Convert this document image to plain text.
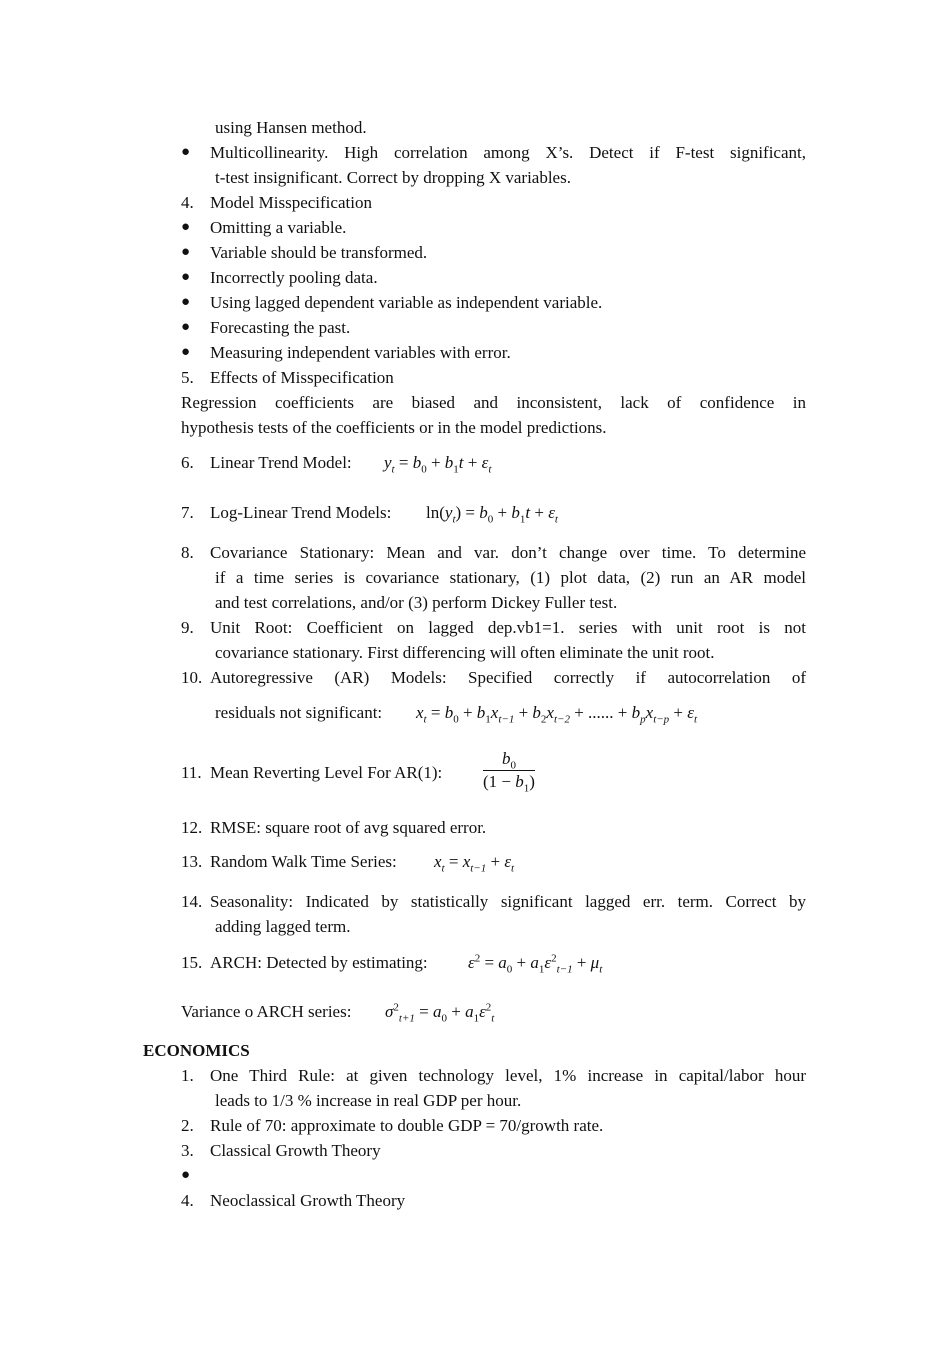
using Hansen method.
● Multicollinearity. High correlation among X’s. Detect if F-test significant,
t-test insignificant. Correct by dropping X variables.
4. Model Misspecification
● Omitting a variable.
● Variable should be transformed.
● Incorrectly pooling data.
● Using lagged dependent variable as independent variable.
● Forecasting the past.
● Measuring independent variables with error.
5. Effects of Misspecification
Regression coefficients are biased and inconsistent, lack of confidence in
hypothesis tests of the coefficients or in the model predictions.
6. Linear Trend Model: $y_t = b_0 + b_1t + \varepsilon_t$
7. Log-Linear Trend Models: $\ln(y_t) = b_0 + b_1t + \varepsilon_t$
8. Covariance Stationary: Mean and var. don’t change over time. To determine
if a time series is covariance stationary, (1) plot data, (2) run an AR model
and test correlations, and/or (3) perform Dickey Fuller test.
9. Unit Root: Coefficient on lagged dep.vb1=1. series with unit root is not
covariance stationary. First differencing will often eliminate the unit root.
10. Autoregressive (AR) Models: Specified correctly if autocorrelation of
residuals not significant: $x_t = b_0 + b_1x_{t-1} + b_2x_{t-2}$ + ...... + $b_px_{t-p} + \varepsilon_t$
11. Mean Reverting Level For AR(1): $\frac{b_0}{(1 - b_1)}$
12. RMSE: square root of avg squared error.
13. Random Walk Time Series: $x_t = x_{t-1} + \varepsilon_t$
14. Seasonality: Indicated by statistically significant lagged err. term. Correct by
adding lagged term.
15. ARCH: Detected by estimating: $\varepsilon^2 = a_0 + a_1\varepsilon^2_{t-1} + \mu_t$
Variance o ARCH series: $\sigma^2_{t+1} = a_0 + a_1\varepsilon^2_t$
ECONOMICS
1. One Third Rule: at given technology level, 1% increase in capital/labor hour
leads to 1/3 % increase in real GDP per hour.
2. Rule of 70: approximate to double GDP = 70/growth rate.
3. Classical Growth Theory
●
4. Neoclassical Growth Theory
